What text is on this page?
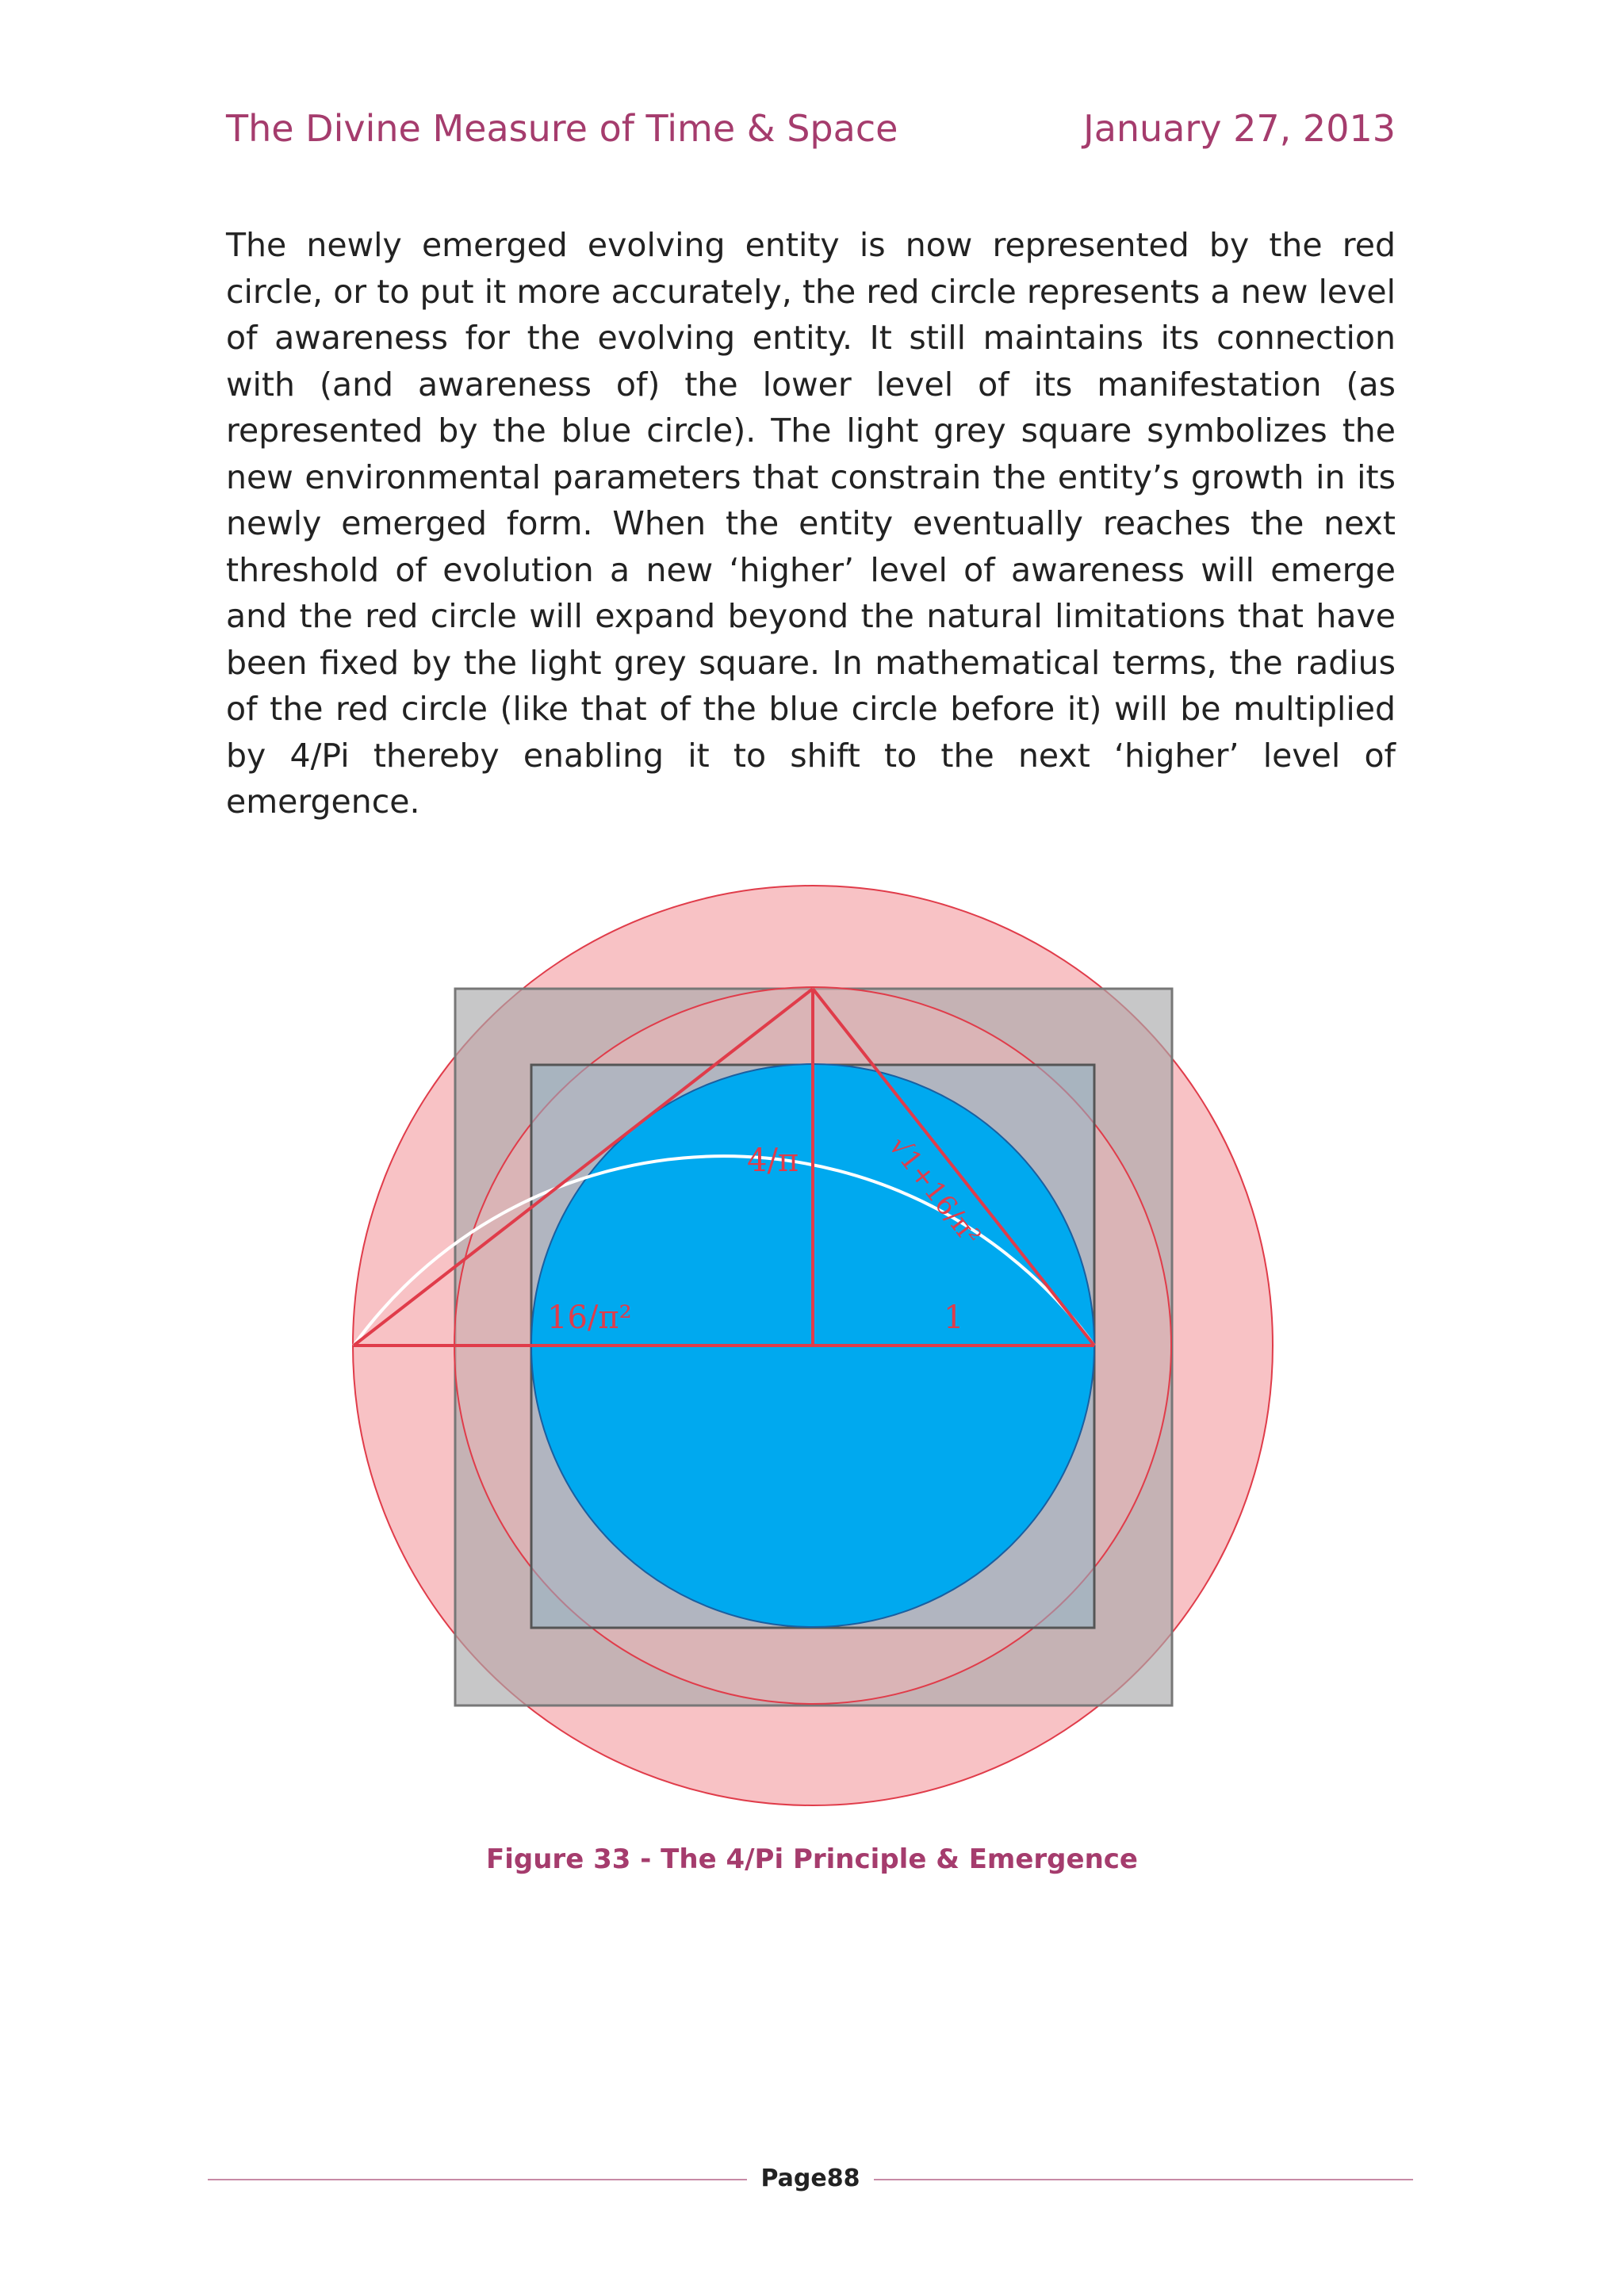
The Divine Measure of Time & Space	January 27, 2013

The newly emerged evolving entity is now represented by the red circle, or to put it more accurately, the red circle represents a new level of awareness for the evolving entity. It still maintains its connection with (and awareness of) the lower level of its manifestation (as represented by the blue circle). The light grey square symbolizes the new environmental parameters that constrain the entity’s growth in its newly emerged form. When the entity eventually reaches the next threshold of evolution a new ‘higher’ level of awareness will emerge and the red circle will expand beyond the natural limitations that have been fixed by the light grey square. In mathematical terms, the radius of the red circle (like that of the blue circle before it) will be multiplied by 4/Pi thereby enabling it to shift to the next ‘higher’ level of emergence.

4/π
16/π²	1
√1+16/π²
Figure 33 - The 4/Pi Principle & Emergence
Page88
